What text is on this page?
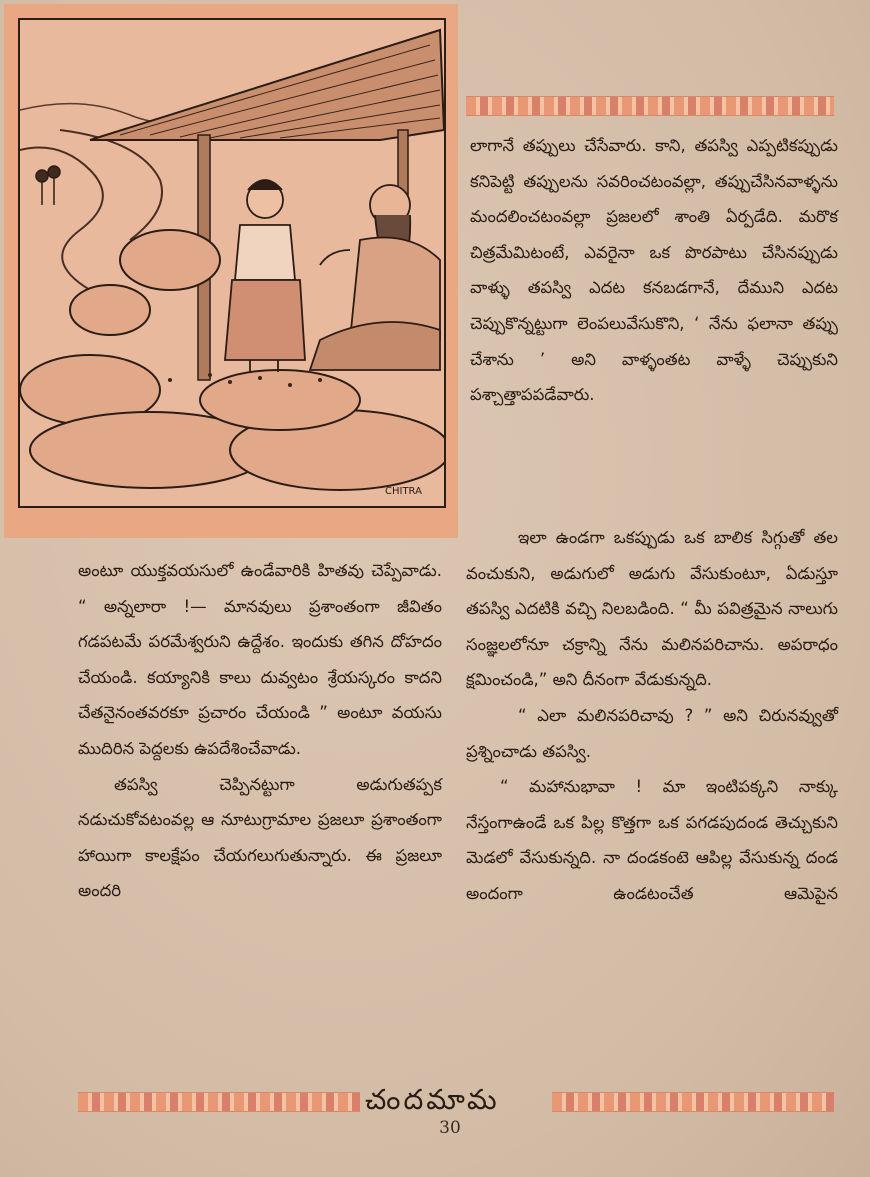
CHITRA

లాగానే తప్పులు చేసేవారు. కాని, తపస్వి ఎప్పటికప్పుడు కనిపెట్టి తప్పులను సవరించటంవల్లా, తప్పుచేసినవాళ్ళను మందలించటంవల్లా ప్రజలలో శాంతి ఏర్పడేది. మరొక చిత్రమేమిటంటే, ఎవరైనా ఒక పొరపాటు చేసినప్పుడు వాళ్ళు తపస్వి ఎదట కనబడగానే, దేముని ఎదట చెప్పుకొన్నట్టుగా లెంపలువేసుకొని, ‘ నేను ఫలానా తప్పు చేశాను ’ అని వాళ్ళంతట వాళ్ళే చెప్పుకుని పశ్చాత్తాపపడేవారు.

అంటూ యుక్తవయసులో ఉండేవారికి హితవు చెప్పేవాడు. “ అన్నలారా !— మానవులు ప్రశాంతంగా జీవితం గడపటమే పరమేశ్వరుని ఉద్దేశం. ఇందుకు తగిన దోహదం చేయండి. కయ్యానికి కాలు దువ్వటం శ్రేయస్కరం కాదని చేతనైనంతవరకూ ప్రచారం చేయండి ” అంటూ వయసు ముదిరిన పెద్దలకు ఉపదేశించేవాడు.

తపస్వి చెప్పినట్టుగా అడుగుతప్పక నడుచుకోవటంవల్ల ఆ నూటుగ్రామాల ప్రజలూ ప్రశాంతంగా హాయిగా కాలక్షేపం చేయగలుగుతున్నారు. ఈ ప్రజలూ అందరి

ఇలా ఉండగా ఒకప్పుడు ఒక బాలిక సిగ్గుతో తల వంచుకుని, అడుగులో అడుగు వేసుకుంటూ, ఏడుస్తూ తపస్వి ఎదటికి వచ్చి నిలబడింది. “ మీ పవిత్రమైన నాలుగు సంజ్ఞలలోనూ చక్రాన్ని నేను మలినపరిచాను. అపరాధం క్షమించండి,” అని దీనంగా వేడుకున్నది.

“ ఎలా మలినపరిచావు ? ” అని చిరునవ్వుతో ప్రశ్నించాడు తపస్వి.

“ మహానుభావా ! మా ఇంటిపక్కని నాక్కు నేస్తంగాఉండే ఒక పిల్ల కొత్తగా ఒక పగడపుదండ తెచ్చుకుని మెడలో వేసుకున్నది. నా దండకంటె ఆపిల్ల వేసుకున్న దండ అందంగా ఉండటంచేత ఆమెపైన

చందమామ
30
